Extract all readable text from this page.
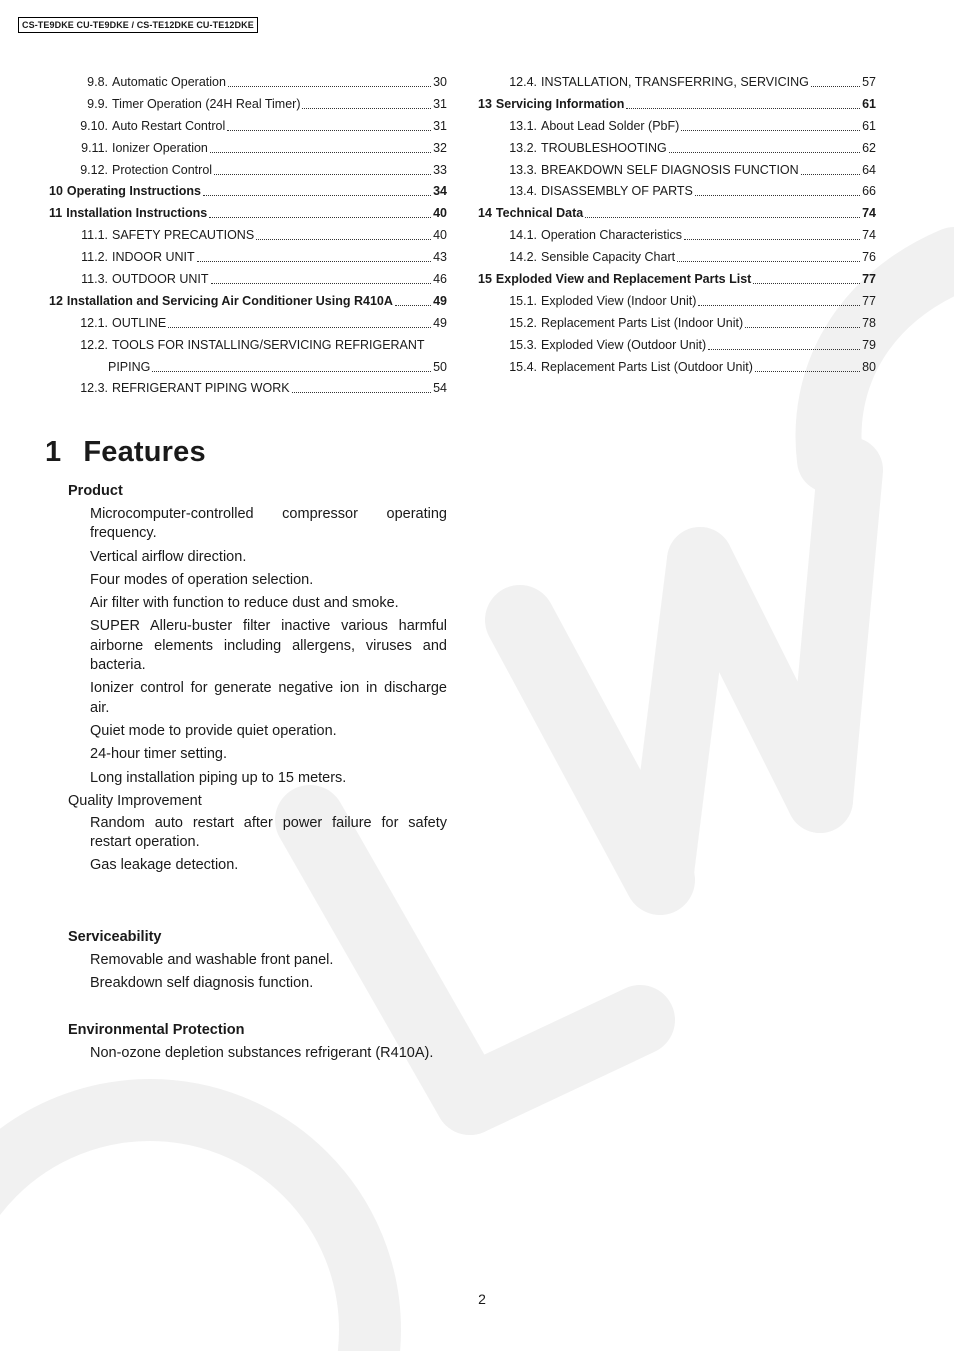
CS-TE9DKE CU-TE9DKE / CS-TE12DKE CU-TE12DKE
9.8. Automatic Operation	30
9.9. Timer Operation (24H Real Timer)	31
9.10. Auto Restart Control	31
9.11. Ionizer Operation	32
9.12. Protection Control	33
10 Operating Instructions	34
11 Installation Instructions	40
11.1. SAFETY PRECAUTIONS	40
11.2. INDOOR UNIT	43
11.3. OUTDOOR UNIT	46
12 Installation and Servicing Air Conditioner Using R410A	49
12.1. OUTLINE	49
12.2. TOOLS FOR INSTALLING/SERVICING REFRIGERANT
PIPING	50
12.3. REFRIGERANT PIPING WORK	54
12.4. INSTALLATION, TRANSFERRING, SERVICING	57
13 Servicing Information	61
13.1. About Lead Solder (PbF)	61
13.2. TROUBLESHOOTING	62
13.3. BREAKDOWN SELF DIAGNOSIS FUNCTION	64
13.4. DISASSEMBLY OF PARTS	66
14 Technical Data	74
14.1. Operation Characteristics	74
14.2. Sensible Capacity Chart	76
15 Exploded View and Replacement Parts List	77
15.1. Exploded View (Indoor Unit)	77
15.2. Replacement Parts List (Indoor Unit)	78
15.3. Exploded View (Outdoor Unit)	79
15.4. Replacement Parts List (Outdoor Unit)	80
1 Features

Product

Microcomputer-controlled compressor operating frequency.

Vertical airflow direction.

Four modes of operation selection.

Air filter with function to reduce dust and smoke.

SUPER Alleru-buster filter inactive various harmful airborne elements including allergens, viruses and bacteria.

Ionizer control for generate negative ion in discharge air.

Quiet mode to provide quiet operation.

24-hour timer setting.

Long installation piping up to 15 meters.

Quality Improvement

Random auto restart after power failure for safety restart operation.

Gas leakage detection.

Serviceability

Removable and washable front panel.

Breakdown self diagnosis function.

Environmental Protection

Non-ozone depletion substances refrigerant (R410A).

2
